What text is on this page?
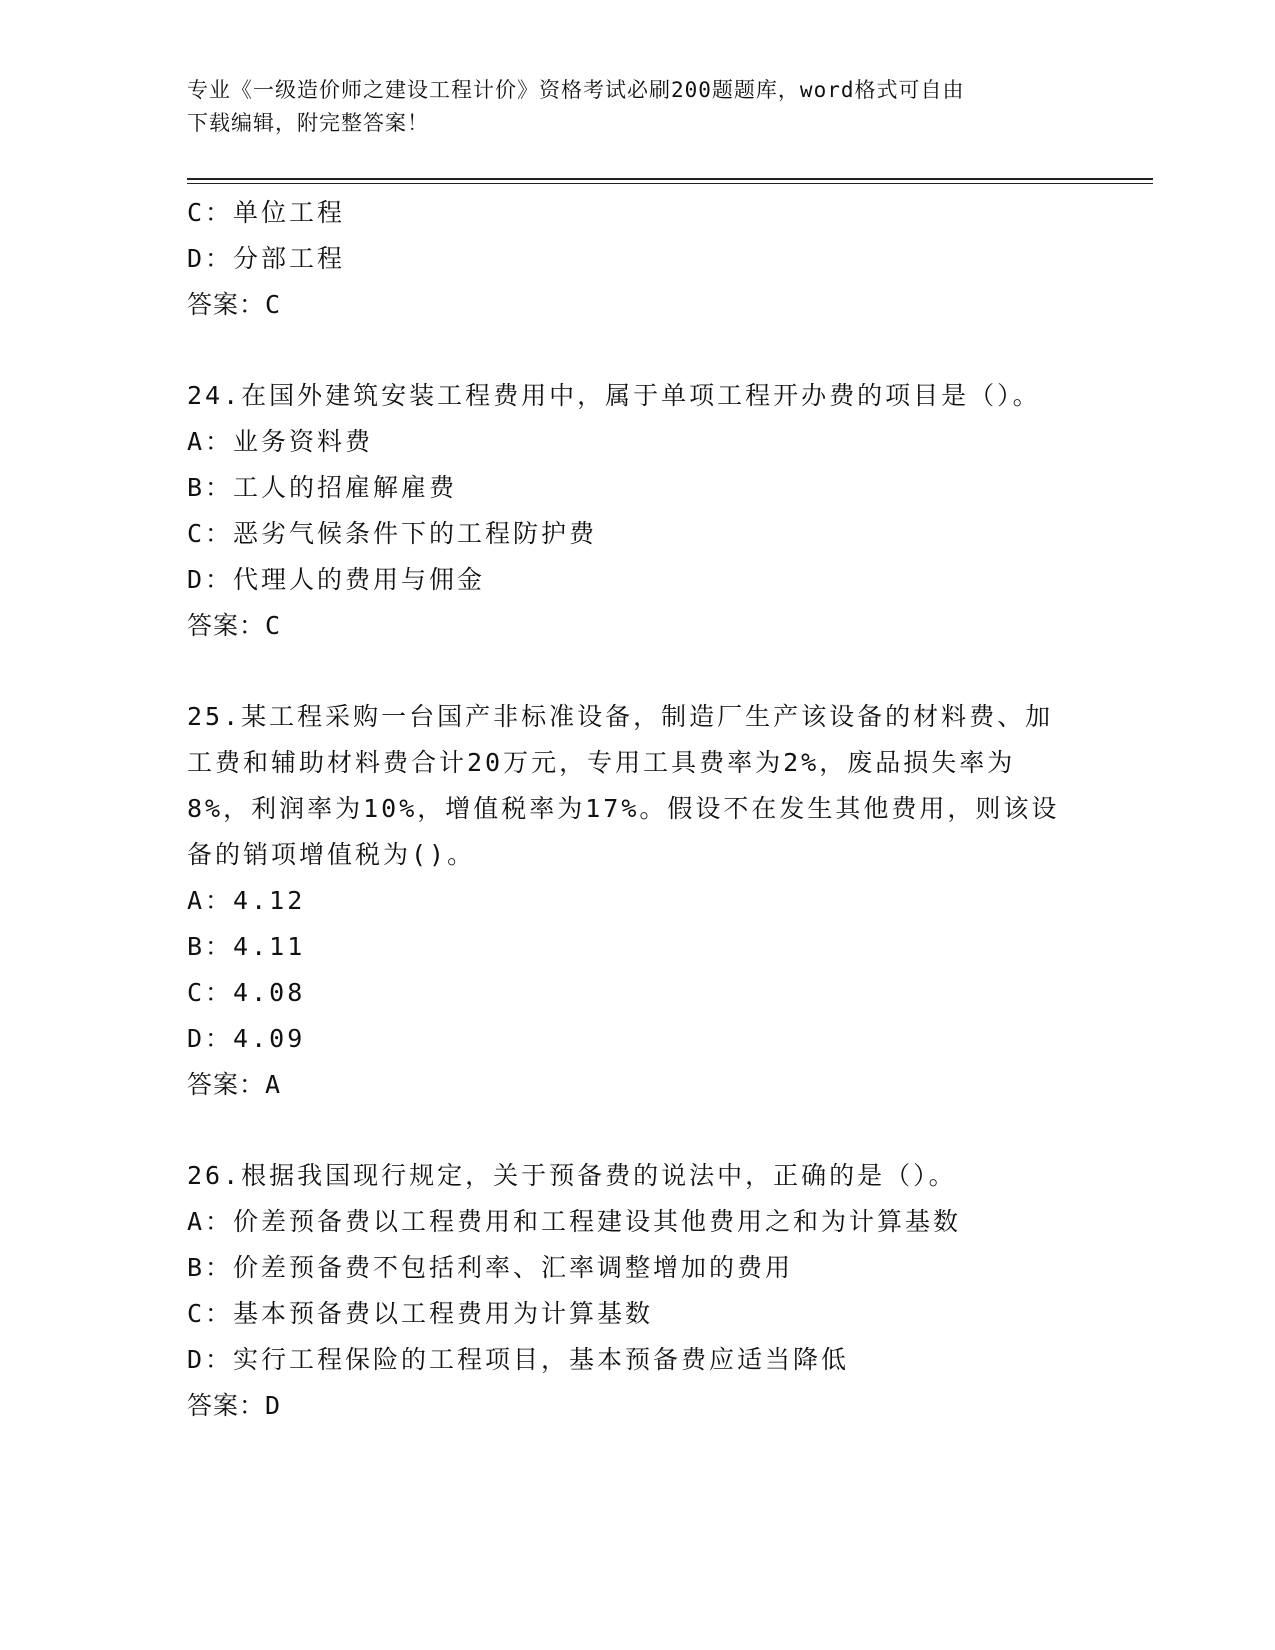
专业《一级造价师之建设工程计价》资格考试必刷200题题库，word格式可自由
下载编辑，附完整答案！
C：单位工程
D：分部工程
答案：C
24.在国外建筑安装工程费用中，属于单项工程开办费的项目是（）。
A：业务资料费
B：工人的招雇解雇费
C：恶劣气候条件下的工程防护费
D：代理人的费用与佣金
答案：C
25.某工程采购一台国产非标准设备，制造厂生产该设备的材料费、加
工费和辅助材料费合计20万元，专用工具费率为2%，废品损失率为
8%，利润率为10%，增值税率为17%。假设不在发生其他费用，则该设
备的销项增值税为()。
A：4.12
B：4.11
C：4.08
D：4.09
答案：A
26.根据我国现行规定，关于预备费的说法中，正确的是（）。
A：价差预备费以工程费用和工程建设其他费用之和为计算基数
B：价差预备费不包括利率、汇率调整增加的费用
C：基本预备费以工程费用为计算基数
D：实行工程保险的工程项目，基本预备费应适当降低
答案：D
